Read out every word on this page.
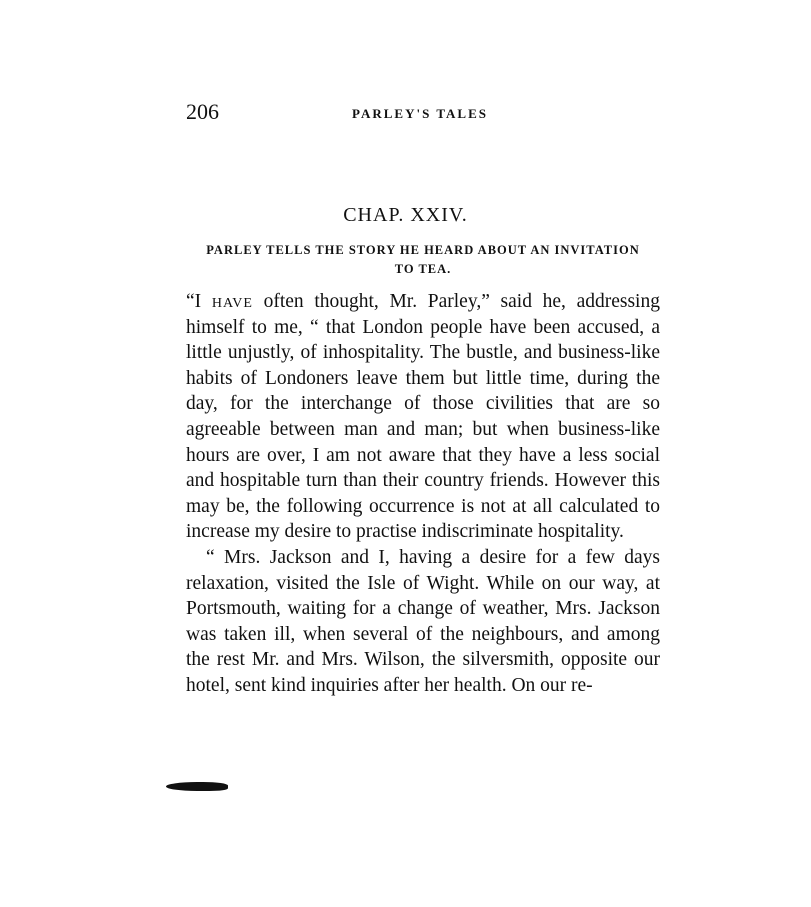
206	PARLEY'S TALES
CHAP. XXIV.
PARLEY TELLS THE STORY HE HEARD ABOUT AN INVITATION
TO TEA.

“I have often thought, Mr. Parley,” said he, addressing himself to me, “ that London people have been accused, a little unjustly, of inhospitality. The bustle, and business-like habits of Londoners leave them but little time, during the day, for the interchange of those civilities that are so agreeable between man and man; but when business-like hours are over, I am not aware that they have a less social and hospitable turn than their country friends. However this may be, the following occurrence is not at all calculated to increase my desire to practise indiscriminate hospitality.

“ Mrs. Jackson and I, having a desire for a few days relaxation, visited the Isle of Wight. While on our way, at Portsmouth, waiting for a change of weather, Mrs. Jackson was taken ill, when several of the neighbours, and among the rest Mr. and Mrs. Wilson, the silversmith, opposite our hotel, sent kind inquiries after her health. On our re-
